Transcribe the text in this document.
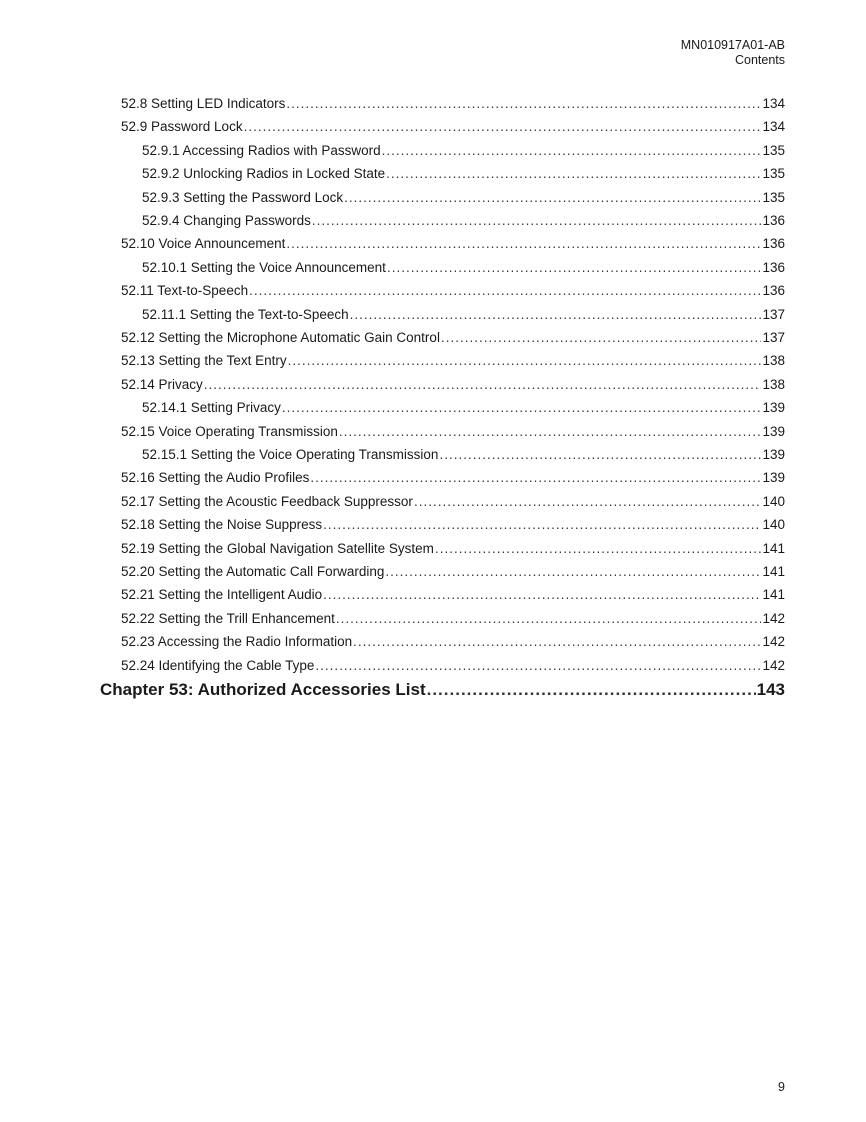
MN010917A01-AB
Contents
52.8 Setting LED Indicators .....	134
52.9 Password Lock .....	134
52.9.1 Accessing Radios with Password .....	135
52.9.2 Unlocking Radios in Locked State .....	135
52.9.3 Setting the Password Lock .....	135
52.9.4 Changing Passwords .....	136
52.10 Voice Announcement .....	136
52.10.1 Setting the Voice Announcement .....	136
52.11 Text-to-Speech .....	136
52.11.1 Setting the Text-to-Speech .....	137
52.12 Setting the Microphone Automatic Gain Control .....	137
52.13 Setting the Text Entry .....	138
52.14 Privacy .....	138
52.14.1 Setting Privacy .....	139
52.15 Voice Operating Transmission .....	139
52.15.1 Setting the Voice Operating Transmission .....	139
52.16 Setting the Audio Profiles .....	139
52.17 Setting the Acoustic Feedback Suppressor .....	140
52.18 Setting the Noise Suppress .....	140
52.19 Setting the Global Navigation Satellite System .....	141
52.20 Setting the Automatic Call Forwarding .....	141
52.21 Setting the Intelligent Audio .....	141
52.22 Setting the Trill Enhancement .....	142
52.23 Accessing the Radio Information .....	142
52.24 Identifying the Cable Type .....	142
Chapter 53: Authorized Accessories List .....	143
9
